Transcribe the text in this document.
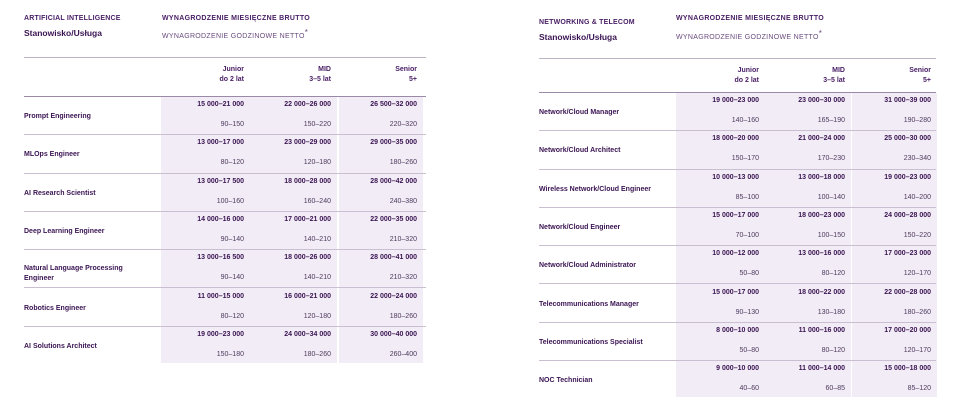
ARTIFICIAL INTELLIGENCE
Stanowisko/Usługa
WYNAGRODZENIE MIESIĘCZNE BRUTTO
WYNAGRODZENIE GODZINOWE NETTO*
Junior
do 2 lat
MID
3–5 lat
Senior
5+
Prompt Engineering
15 000–21 000
90–150
22 000–26 000
150–220
26 500–32 000
220–320
MLOps Engineer
13 000–17 000
80–120
23 000–29 000
120–180
29 000–35 000
180–260
AI Research Scientist
13 000–17 500
100–160
18 000–28 000
160–240
28 000–42 000
240–380
Deep Learning Engineer
14 000–16 000
90–140
17 000–21 000
140–210
22 000–35 000
210–320
Natural Language Processing Engineer
13 000–16 500
90–140
18 000–26 000
140–210
28 000–41 000
210–320
Robotics Engineer
11 000–15 000
80–120
16 000–21 000
120–180
22 000–24 000
180–260
AI Solutions Architect
19 000–23 000
150–180
24 000–34 000
180–260
30 000–40 000
260–400
NETWORKING & TELECOM
Stanowisko/Usługa
WYNAGRODZENIE MIESIĘCZNE BRUTTO
WYNAGRODZENIE GODZINOWE NETTO*
Junior
do 2 lat
MID
3–5 lat
Senior
5+
Network/Cloud Manager
19 000–23 000
140–160
23 000–30 000
165–190
31 000–39 000
190–280
Network/Cloud Architect
18 000–20 000
150–170
21 000–24 000
170–230
25 000–30 000
230–340
Wireless Network/Cloud Engineer
10 000–13 000
85–100
13 000–18 000
100–140
19 000–23 000
140–200
Network/Cloud Engineer
15 000–17 000
70–100
18 000–23 000
100–150
24 000–28 000
150–220
Network/Cloud Administrator
10 000–12 000
50–80
13 000–16 000
80–120
17 000–23 000
120–170
Telecommunications Manager
15 000–17 000
90–130
18 000–22 000
130–180
22 000–28 000
180–260
Telecommunications Specialist
8 000–10 000
50–80
11 000–16 000
80–120
17 000–20 000
120–170
NOC Technician
9 000–10 000
40–60
11 000–14 000
60–85
15 000–18 000
85–120
